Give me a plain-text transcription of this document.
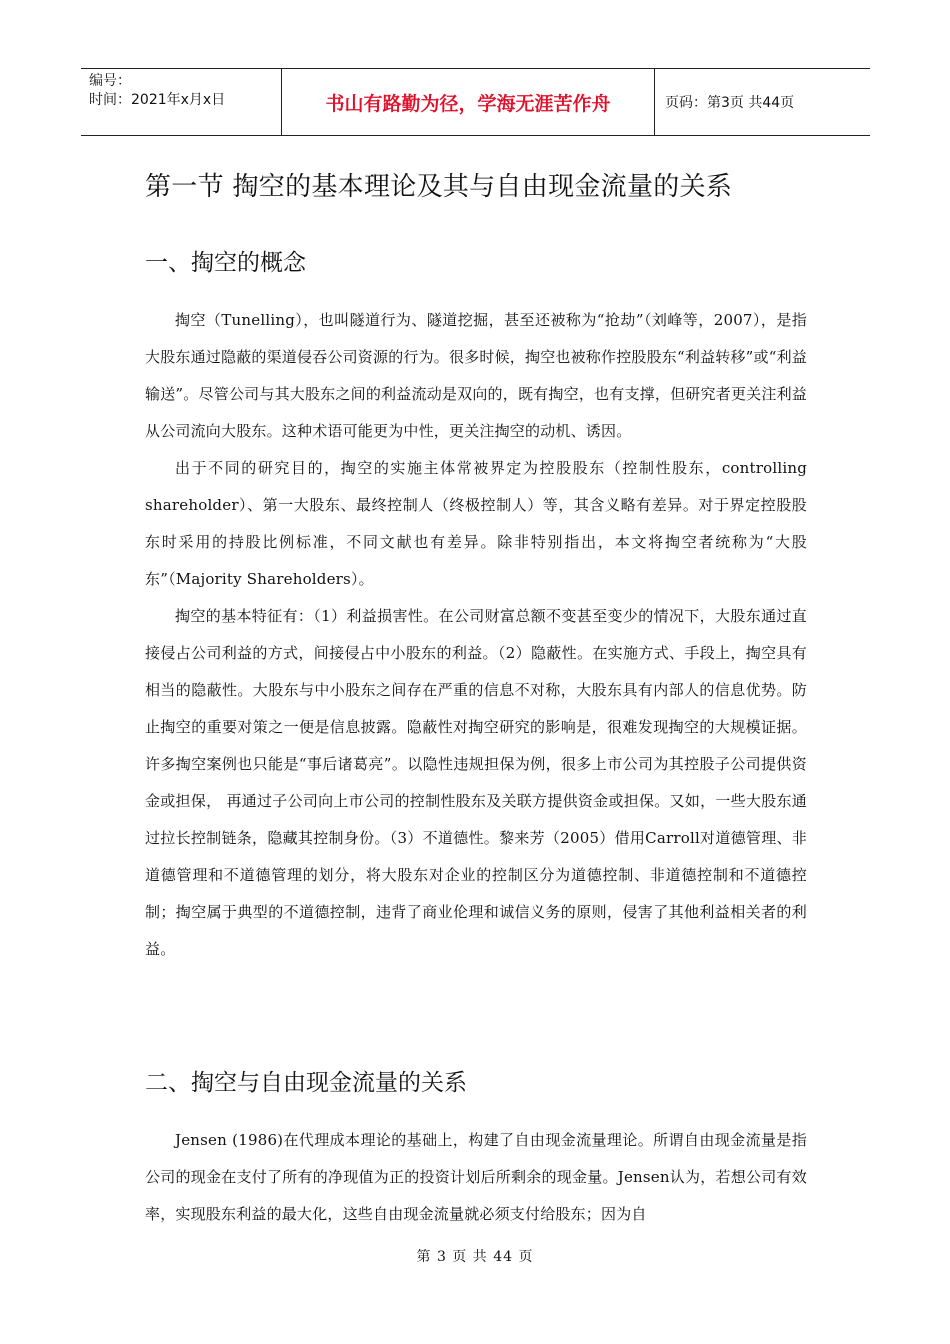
编号：
时间：2021年x月x日	书山有路勤为径，学海无涯苦作舟	页码：第3页 共44页
第一节 掏空的基本理论及其与自由现金流量的关系
一、掏空的概念

掏空（Tunelling），也叫隧道行为、隧道挖掘，甚至还被称为“抢劫”（刘峰等，2007），是指大股东通过隐蔽的渠道侵吞公司资源的行为。很多时候，掏空也被称作控股股东“利益转移”或“利益输送”。尽管公司与其大股东之间的利益流动是双向的，既有掏空，也有支撑，但研究者更关注利益从公司流向大股东。这种术语可能更为中性，更关注掏空的动机、诱因。

出于不同的研究目的，掏空的实施主体常被界定为控股股东（控制性股东，controlling shareholder）、第一大股东、最终控制人（终极控制人）等，其含义略有差异。对于界定控股股东时采用的持股比例标准，不同文献也有差异。除非特别指出，本文将掏空者统称为“大股东”（Majority Shareholders）。

掏空的基本特征有：（1）利益损害性。在公司财富总额不变甚至变少的情况下，大股东通过直接侵占公司利益的方式，间接侵占中小股东的利益。（2）隐蔽性。在实施方式、手段上，掏空具有相当的隐蔽性。大股东与中小股东之间存在严重的信息不对称，大股东具有内部人的信息优势。防止掏空的重要对策之一便是信息披露。隐蔽性对掏空研究的影响是，很难发现掏空的大规模证据。许多掏空案例也只能是“事后诸葛亮”。以隐性违规担保为例，很多上市公司为其控股子公司提供资金或担保， 再通过子公司向上市公司的控制性股东及关联方提供资金或担保。又如，一些大股东通过拉长控制链条，隐藏其控制身份。（3）不道德性。黎来芳（2005）借用Carroll对道德管理、非道德管理和不道德管理的划分，将大股东对企业的控制区分为道德控制、非道德控制和不道德控制；掏空属于典型的不道德控制，违背了商业伦理和诚信义务的原则，侵害了其他利益相关者的利益。

二、掏空与自由现金流量的关系

Jensen (1986)在代理成本理论的基础上，构建了自由现金流量理论。所谓自由现金流量是指公司的现金在支付了所有的净现值为正的投资计划后所剩余的现金量。Jensen认为，若想公司有效率，实现股东利益的最大化，这些自由现金流量就必须支付给股东；因为自

第 3 页 共 44 页
